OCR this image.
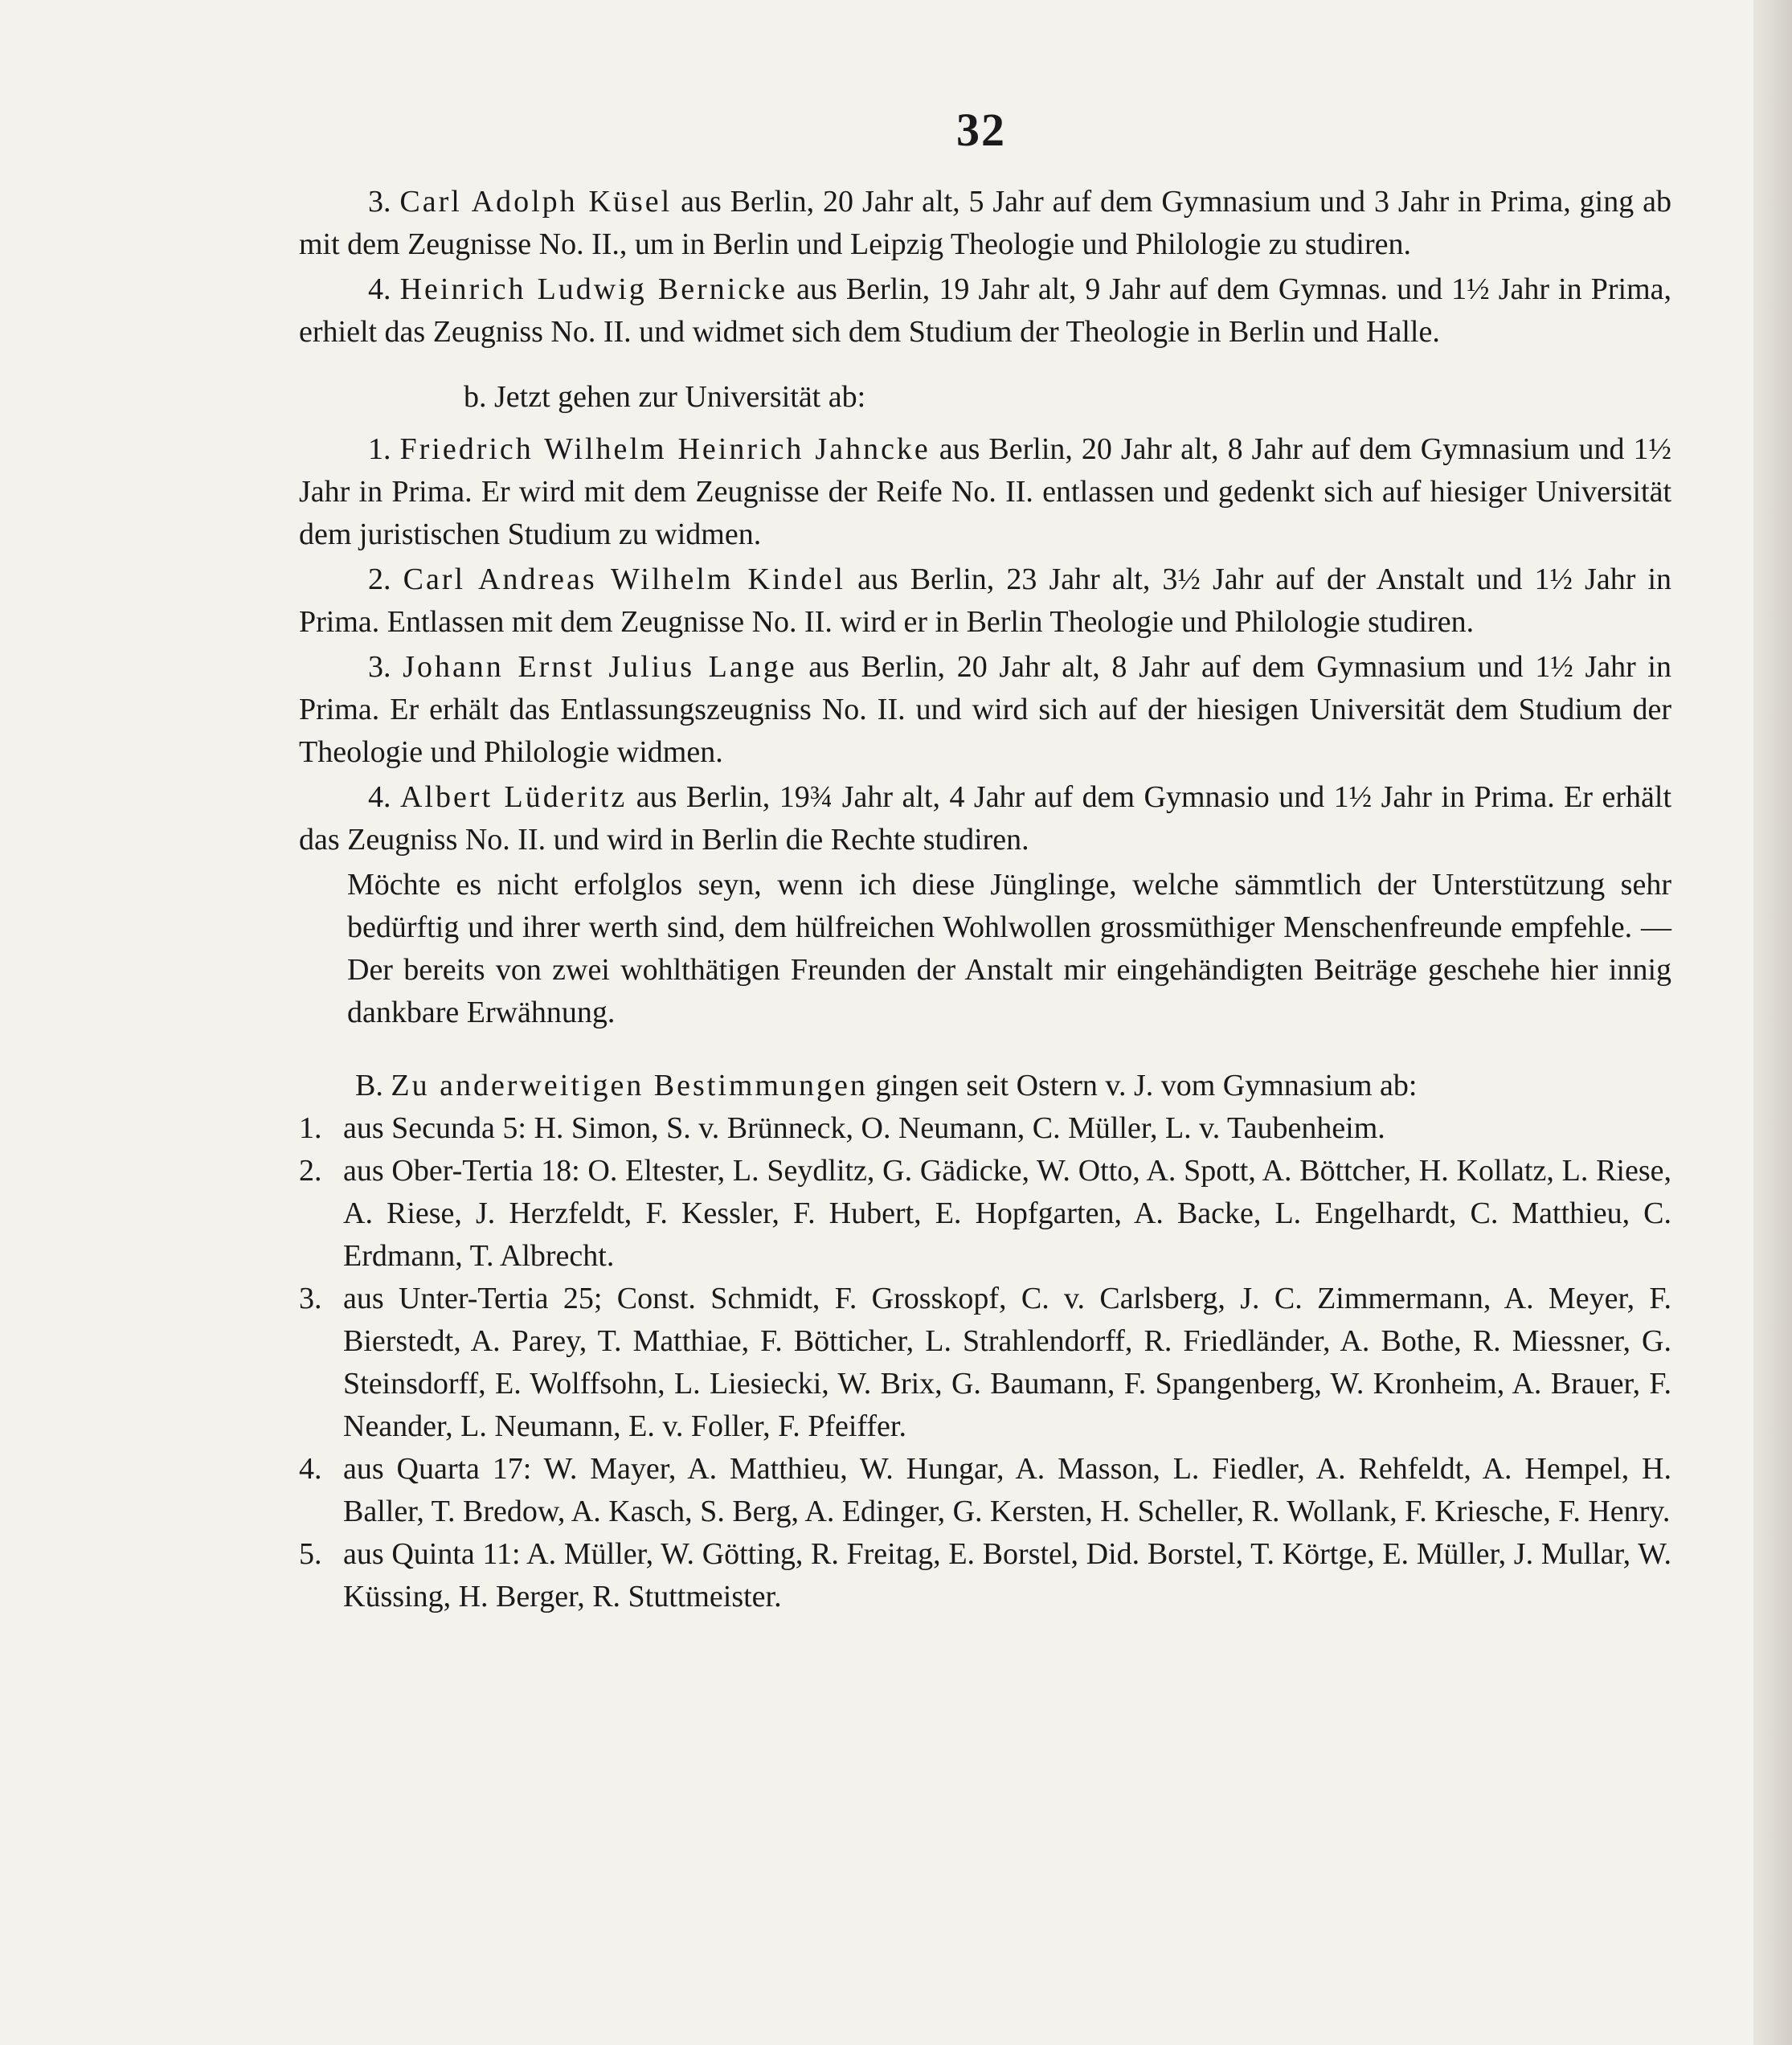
32

3. Carl Adolph Küsel aus Berlin, 20 Jahr alt, 5 Jahr auf dem Gymnasium und 3 Jahr in Prima, ging ab mit dem Zeugnisse No. II., um in Berlin und Leipzig Theologie und Philologie zu studiren.

4. Heinrich Ludwig Bernicke aus Berlin, 19 Jahr alt, 9 Jahr auf dem Gymnas. und 1½ Jahr in Prima, erhielt das Zeugniss No. II. und widmet sich dem Studium der Theologie in Berlin und Halle.

b. Jetzt gehen zur Universität ab:

1. Friedrich Wilhelm Heinrich Jahncke aus Berlin, 20 Jahr alt, 8 Jahr auf dem Gymnasium und 1½ Jahr in Prima. Er wird mit dem Zeugnisse der Reife No. II. entlassen und gedenkt sich auf hiesiger Universität dem juristischen Studium zu widmen.

2. Carl Andreas Wilhelm Kindel aus Berlin, 23 Jahr alt, 3½ Jahr auf der Anstalt und 1½ Jahr in Prima. Entlassen mit dem Zeugnisse No. II. wird er in Berlin Theologie und Philologie studiren.

3. Johann Ernst Julius Lange aus Berlin, 20 Jahr alt, 8 Jahr auf dem Gymnasium und 1½ Jahr in Prima. Er erhält das Entlassungszeugniss No. II. und wird sich auf der hiesigen Universität dem Studium der Theologie und Philologie widmen.

4. Albert Lüderitz aus Berlin, 19¾ Jahr alt, 4 Jahr auf dem Gymnasio und 1½ Jahr in Prima. Er erhält das Zeugniss No. II. und wird in Berlin die Rechte studiren.

Möchte es nicht erfolglos seyn, wenn ich diese Jünglinge, welche sämmtlich der Unterstützung sehr bedürftig und ihrer werth sind, dem hülfreichen Wohlwollen grossmüthiger Menschenfreunde empfehle. — Der bereits von zwei wohlthätigen Freunden der Anstalt mir eingehändigten Beiträge geschehe hier innig dankbare Erwähnung.

B. Zu anderweitigen Bestimmungen gingen seit Ostern v. J. vom Gymnasium ab:

1. aus Secunda 5: H. Simon, S. v. Brünneck, O. Neumann, C. Müller, L. v. Taubenheim.

2. aus Ober-Tertia 18: O. Eltester, L. Seydlitz, G. Gädicke, W. Otto, A. Spott, A. Böttcher, H. Kollatz, L. Riese, A. Riese, J. Herzfeldt, F. Kessler, F. Hubert, E. Hopfgarten, A. Backe, L. Engelhardt, C. Matthieu, C. Erdmann, T. Albrecht.

3. aus Unter-Tertia 25; Const. Schmidt, F. Grosskopf, C. v. Carlsberg, J. C. Zimmermann, A. Meyer, F. Bierstedt, A. Parey, T. Matthiae, F. Bötticher, L. Strahlendorff, R. Friedländer, A. Bothe, R. Miessner, G. Steinsdorff, E. Wolffsohn, L. Liesiecki, W. Brix, G. Baumann, F. Spangenberg, W. Kronheim, A. Brauer, F. Neander, L. Neumann, E. v. Foller, F. Pfeiffer.

4. aus Quarta 17: W. Mayer, A. Matthieu, W. Hungar, A. Masson, L. Fiedler, A. Rehfeldt, A. Hempel, H. Baller, T. Bredow, A. Kasch, S. Berg, A. Edinger, G. Kersten, H. Scheller, R. Wollank, F. Kriesche, F. Henry.

5. aus Quinta 11: A. Müller, W. Götting, R. Freitag, E. Borstel, Did. Borstel, T. Körtge, E. Müller, J. Mullar, W. Küssing, H. Berger, R. Stuttmeister.
